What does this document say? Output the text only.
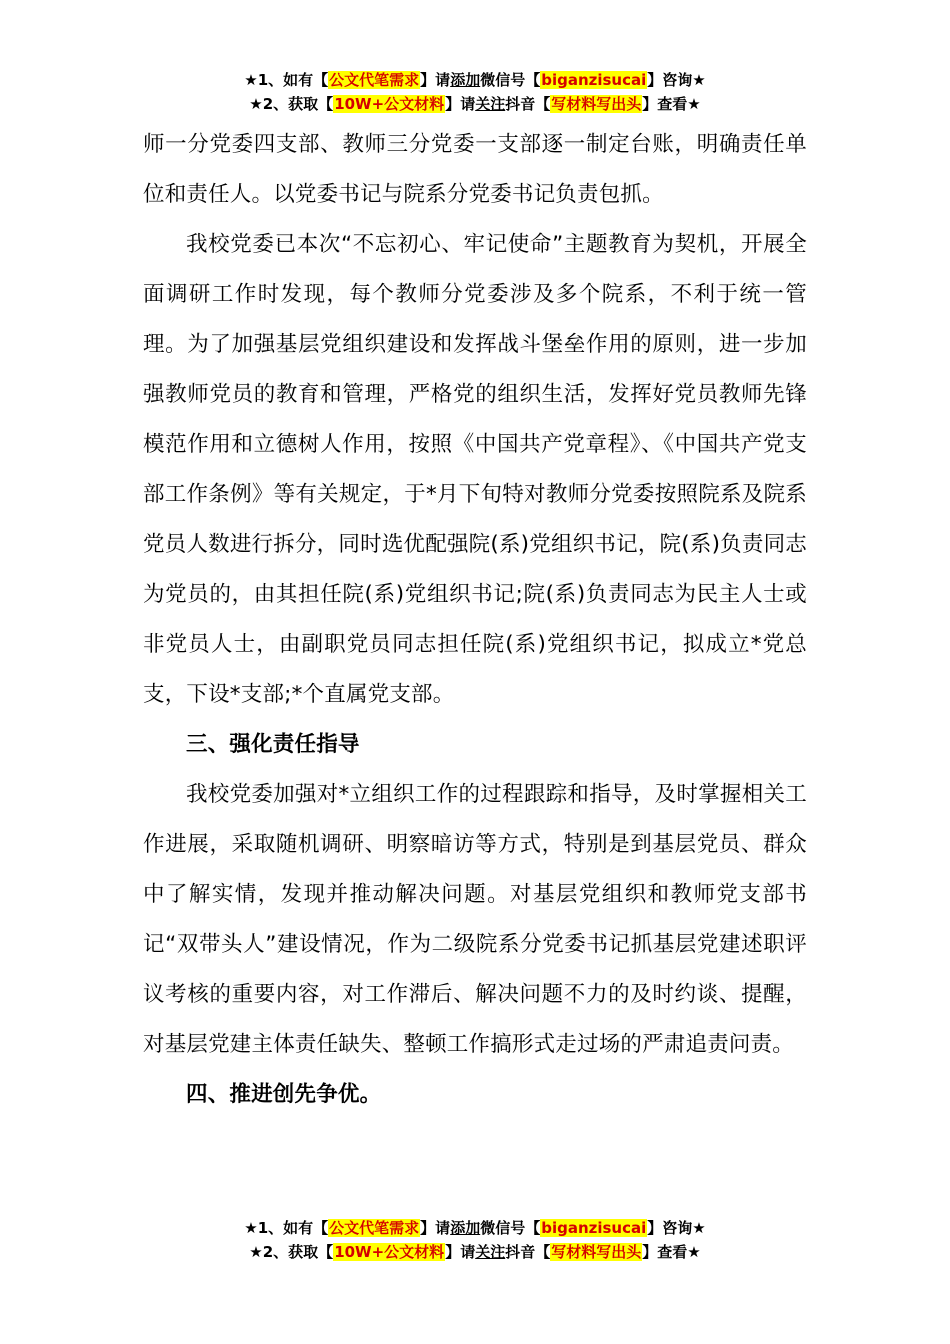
★1、如有【公文代笔需求】请添加微信号【biganzisucai】咨询★
★2、获取【10W+公文材料】请关注抖音【写材料写出头】查看★

师一分党委四支部、教师三分党委一支部逐一制定台账，明确责任单位和责任人。以党委书记与院系分党委书记负责包抓。

我校党委已本次“不忘初心、牢记使命”主题教育为契机，开展全面调研工作时发现，每个教师分党委涉及多个院系，不利于统一管理。为了加强基层党组织建设和发挥战斗堡垒作用的原则，进一步加强教师党员的教育和管理，严格党的组织生活，发挥好党员教师先锋模范作用和立德树人作用，按照《中国共产党章程》、《中国共产党支部工作条例》等有关规定，于*月下旬特对教师分党委按照院系及院系党员人数进行拆分，同时选优配强院(系)党组织书记，院(系)负责同志为党员的，由其担任院(系)党组织书记;院(系)负责同志为民主人士或非党员人士，由副职党员同志担任院(系)党组织书记，拟成立*党总支，下设*支部;*个直属党支部。

三、强化责任指导

我校党委加强对*立组织工作的过程跟踪和指导，及时掌握相关工作进展，采取随机调研、明察暗访等方式，特别是到基层党员、群众中了解实情，发现并推动解决问题。对基层党组织和教师党支部书记“双带头人”建设情况，作为二级院系分党委书记抓基层党建述职评议考核的重要内容，对工作滞后、解决问题不力的及时约谈、提醒，对基层党建主体责任缺失、整顿工作搞形式走过场的严肃追责问责。

四、推进创先争优。

★1、如有【公文代笔需求】请添加微信号【biganzisucai】咨询★
★2、获取【10W+公文材料】请关注抖音【写材料写出头】查看★
